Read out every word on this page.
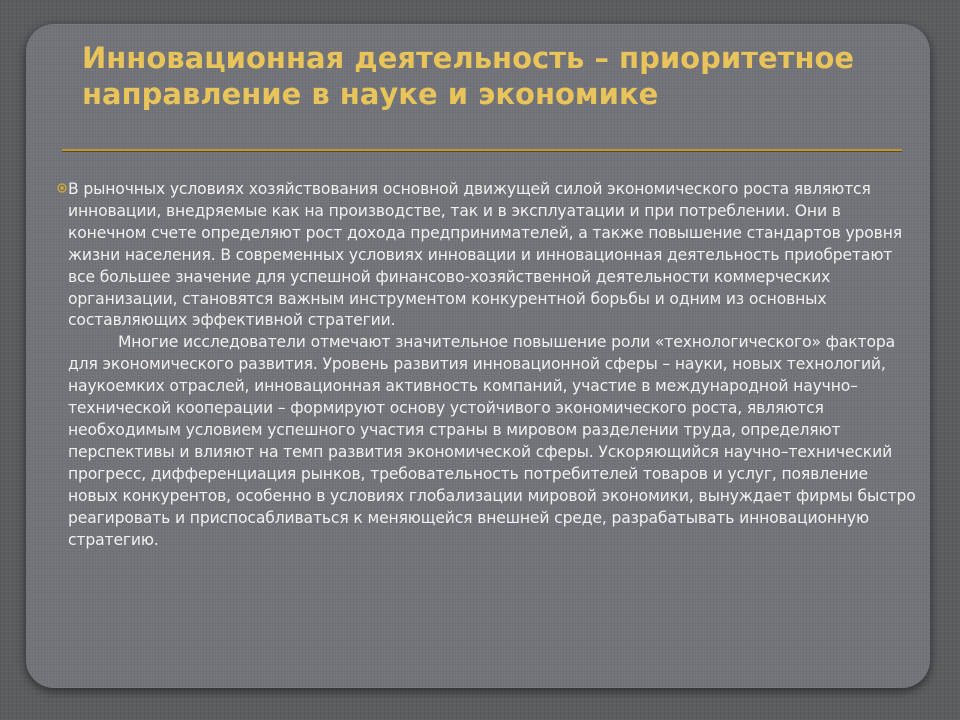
Инновационная деятельность – приоритетное направление в науке и экономике

В рыночных условиях хозяйствования основной движущей силой экономического роста являются инновации, внедряемые как на производстве, так и в эксплуатации и при потреблении. Они в конечном счете определяют рост дохода предпринимателей, а также повышение стандартов уровня жизни населения. В современных условиях инновации и инновационная деятельность приобретают все большее значение для успешной финансово-хозяйственной деятельности коммерческих организации, становятся важным инструментом конкурентной борьбы и одним из основных составляющих эффективной стратегии.

Многие исследователи отмечают значительное повышение роли «технологического» фактора для экономического развития. Уровень развития инновационной сферы – науки, новых технологий, наукоемких отраслей, инновационная активность компаний, участие в международной научно–технической кооперации – формируют основу устойчивого экономического роста, являются необходимым условием успешного участия страны в мировом разделении труда, определяют перспективы и влияют на темп развития экономической сферы. Ускоряющийся научно–технический прогресс, дифференциация рынков, требовательность потребителей товаров и услуг, появление новых конкурентов, особенно в условиях глобализации мировой экономики, вынуждает фирмы быстро реагировать и приспосабливаться к меняющейся внешней среде, разрабатывать инновационную стратегию.
